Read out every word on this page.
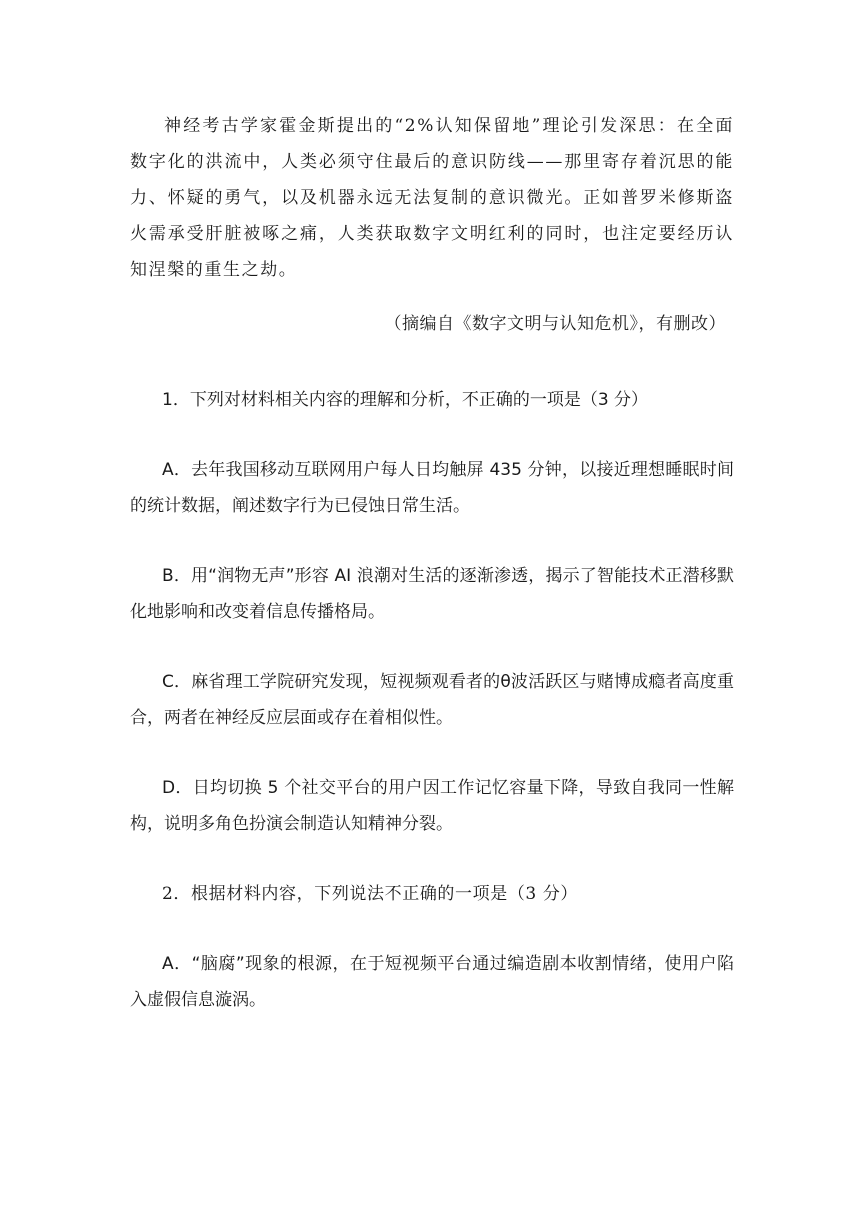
神经考古学家霍金斯提出的“2%认知保留地”理论引发深思：在全面数字化的洪流中，人类必须守住最后的意识防线——那里寄存着沉思的能力、怀疑的勇气，以及机器永远无法复制的意识微光。正如普罗米修斯盗火需承受肝脏被啄之痛，人类获取数字文明红利的同时，也注定要经历认知涅槃的重生之劫。

（摘编自《数字文明与认知危机》，有删改）

1．下列对材料相关内容的理解和分析，不正确的一项是（3 分）

A．去年我国移动互联网用户每人日均触屏 435 分钟，以接近理想睡眠时间的统计数据，阐述数字行为已侵蚀日常生活。

B．用“润物无声”形容 AI 浪潮对生活的逐渐渗透，揭示了智能技术正潜移默化地影响和改变着信息传播格局。

C．麻省理工学院研究发现，短视频观看者的θ波活跃区与赌博成瘾者高度重合，两者在神经反应层面或存在着相似性。

D．日均切换 5 个社交平台的用户因工作记忆容量下降，导致自我同一性解构，说明多角色扮演会制造认知精神分裂。

2．根据材料内容，下列说法不正确的一项是（3 分）

A．“脑腐”现象的根源，在于短视频平台通过编造剧本收割情绪，使用户陷入虚假信息漩涡。
